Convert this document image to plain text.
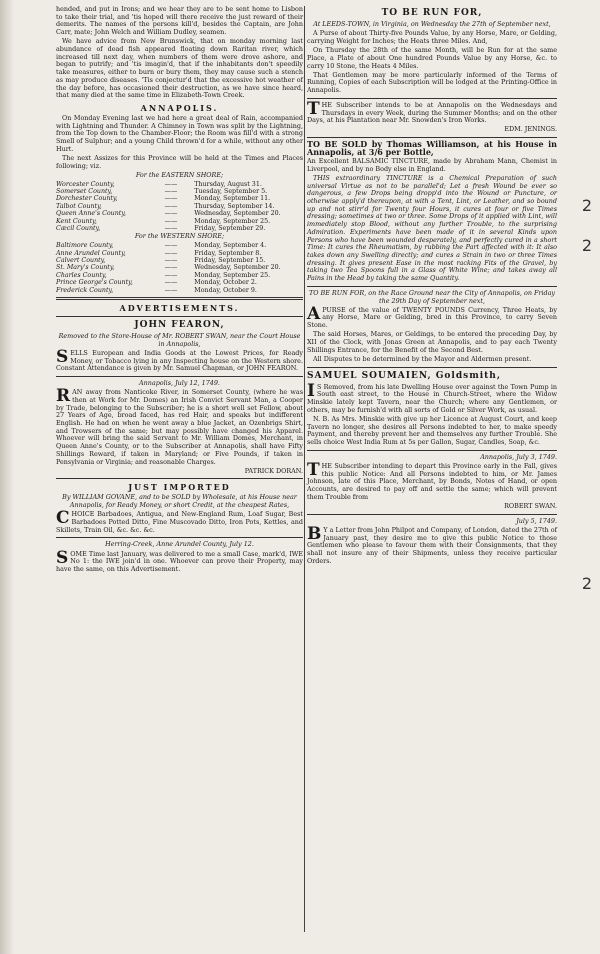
hended, and put in Irons; and we hear they are to be sent home to Lisbon to take their trial, and 'tis hoped will there receive the just reward of their demerits. The names of the persons kill'd, besides the Captain, are John Carr, mate; John Welch and William Dudley, seamen.

We have advice from New Brunswick, that on monday morning last abundance of dead fish appeared floating down Raritan river, which increased till next day, when numbers of them were drove ashore, and began to putrify; and 'tis imagin'd, that if the inhabitants don't speedily take measures, either to burn or bury them, they may cause such a stench as may produce diseases. 'Tis conjectur'd that the excessive hot weather of the day before, has occasioned their destruction, as we have since heard, that many died at the same time in Elizabeth-Town Creek.

ANNAPOLIS.

On Monday Evening last we had here a great deal of Rain, accompanied with Lightning and Thunder. A Chimney in Town was split by the Lightning, from the Top down to the Chamber-Floor; the Room was fill'd with a strong Smell of Sulphur; and a young Child thrown'd for a while, without any other Hurt.

The next Assizes for this Province will be held at the Times and Places following; viz.

For the EASTERN SHORE;
Worcester County,	——	Thursday, August 31.
Somerset County,	——	Tuesday, September 5.
Dorchester County,	——	Monday, September 11.
Talbot County,	——	Thursday, September 14.
Queen Anne's County,	——	Wednesday, September 20.
Kent County,	——	Monday, September 25.
Cæcil County,	——	Friday, September 29.
For the WESTERN SHORE;
Baltimore County,	——	Monday, September 4.
Anne Arundel County,	——	Friday, September 8.
Calvert County,	——	Friday, September 15.
St. Mary's County,	——	Wednesday, September 20.
Charles County,	——	Monday, September 25.
Prince George's County,	——	Monday, October 2.
Frederick County,	——	Monday, October 9.
ADVERTISEMENTS.
JOHN FEARON,

Removed to the Store-House of Mr. ROBERT SWAN, near the Court House in Annapolis,

SELLS European and India Goods at the Lowest Prices, for Ready Money, or Tobacco lying in any Inspecting house on the Western shore. Constant Attendance is given by Mr. Samuel Chapman, or JOHN FEARON.

Annapolis, July 12, 1749.

RAN away from Nanticoke River, in Somerset County, (where he was then at Work for Mr. Domes) an Irish Convict Servant Man, a Cooper by Trade, belonging to the Subscriber; he is a short well set Fellow, about 27 Years of Age, broad faced, has red Hair, and speaks but indifferent English. He had on when he went away a blue Jacket, an Ozenbrigs Shirt, and Trowsers of the same; but may possibly have changed his Apparel. Whoever will bring the said Servant to Mr. William Domes, Merchant, in Queen Anne's County, or to the Subscriber at Annapolis, shall have Fifty Shillings Reward, if taken in Maryland; or Five Pounds, if taken in Pensylvania or Virginia; and reasonable Charges.

PATRICK DORAN.

JUST IMPORTED

By WILLIAM GOVANE, and to be SOLD by Wholesale, at his House near Annapolis, for Ready Money, or short Credit, at the cheapest Rates,

CHOICE Barbadoes, Antigua, and New-England Rum, Loaf Sugar, Best Barbadoes Potted Ditto, Fine Muscovado Ditto, Iron Pots, Kettles, and Skillets, Train Oil, &c. &c. &c.

Herring-Creek, Anne Arundel County, July 12.

SOME Time last January, was delivered to me a small Case, mark'd, IWE No 1: the IWE join'd in one. Whoever can prove their Property, may have the same, on this Advertisement.

TO BE RUN FOR,

At LEEDS-TOWN, in Virginia, on Wednesday the 27th of September next,

A Purse of about Thirty-five Pounds Value, by any Horse, Mare, or Gelding, carrying Weight for Inches; the Heats three Miles. And,

On Thursday the 28th of the same Month, will be Run for at the same Place, a Plate of about One hundred Pounds Value by any Horse, &c. to carry 10 Stone, the Heats 4 Miles.

That Gentlemen may be more particularly informed of the Terms of Running, Copies of each Subscription will be lodged at the Printing-Office in Annapolis.

THE Subscriber intends to be at Annapolis on the Wednesdays and Thursdays in every Week, during the Summer Months; and on the other Days, at his Plantation near Mr. Snowden's Iron Works.

EDM. JENINGS.

TO BE SOLD by Thomas Williamson, at his House in Annapolis, at 3/6 per Bottle,

An Excellent BALSAMIC TINCTURE, made by Abraham Mann, Chemist in Liverpool, and by no Body else in England.

THIS extraordinary TINCTURE is a Chemical Preparation of such universal Virtue as not to be parallel'd; Let a fresh Wound be ever so dangerous, a few Drops being dropp'd into the Wound or Puncture, or otherwise apply'd thereupon, at with a Tent, Lint, or Leather, and so bound up and not stirr'd for Twenty four Hours, it cures at four or five Times dressing; sometimes at two or three. Some Drops of it applied with Lint, will immediately stop Blood, without any further Trouble, to the surprising Admiration. Experiments have been made of it in several Kinds upon Persons who have been wounded desperately, and perfectly cured in a short Time: It cures the Rheumatism, by rubbing the Part affected with it: It also takes down any Swelling directly; and cures a Strain in two or three Times dressing. It gives present Ease in the most racking Fits of the Gravel, by taking two Tea Spoons full in a Glass of White Wine; and takes away all Pains in the Head by taking the same Quantity.

TO BE RUN FOR, on the Race Ground near the City of Annapolis, on Friday the 29th Day of September next,

APURSE of the value of TWENTY POUNDS Currency, Three Heats, by any Horse, Mare or Gelding, bred in this Province, to carry Seven Stone.

The said Horses, Mares, or Geldings, to be entered the preceding Day, by XII of the Clock, with Jonas Green at Annapolis, and to pay each Twenty Shillings Entrance, for the Benefit of the Second Best.

All Disputes to be determined by the Mayor and Aldermen present.

SAMUEL SOUMAIEN, Goldsmith,

I S Removed, from his late Dwelling House over against the Town Pump in South east street, to the House in Church-Street, where the Widow Minskie lately kept Tavern, near the Church; where any Gentlemen, or others, may be furnish'd with all sorts of Gold or Silver Work, as usual.

N. B. As Mrs. Minskie with give up her Licence at August Court, and keep Tavern no longer, she desires all Persons indebted to her, to make speedy Payment, and thereby prevent her and themselves any further Trouble. She sells choice West India Rum at 5s per Gallon, Sugar, Candles, Soap, &c.

Annapolis, July 3, 1749.

THE Subscriber intending to depart this Province early in the Fall, gives this public Notice: And all Persons indebted to him, or Mr. James Johnson, late of this Place, Merchant, by Bonds, Notes of Hand, or open Accounts, are desired to pay off and settle the same; which will prevent them Trouble from

ROBERT SWAN.

July 5, 1749.

B Y a Letter from John Philpot and Company, of London, dated the 27th of January past, they desire me to give this public Notice to those Gentlemen who please to favour them with their Consignments, that they shall not insure any of their Shipments, unless they receive particular Orders.

2
2
2
